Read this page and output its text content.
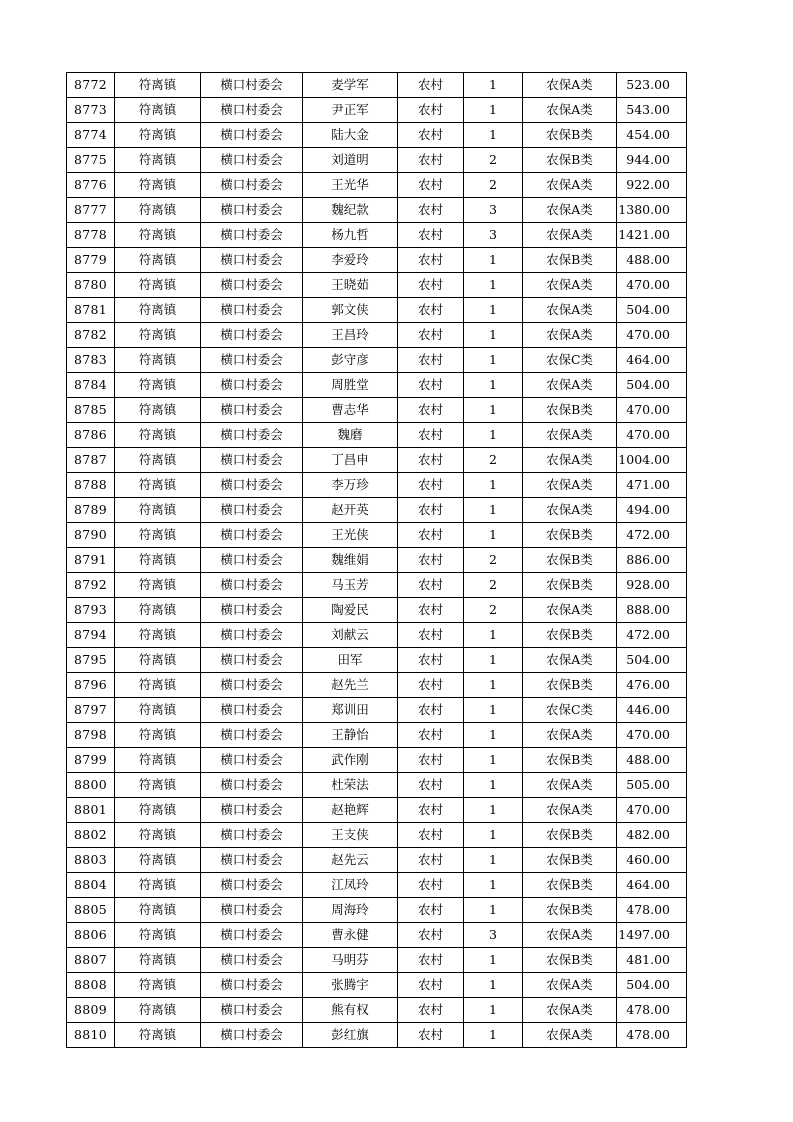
8772	符离镇	横口村委会	麦学军	农村	1	农保A类	523.00
8773	符离镇	横口村委会	尹正军	农村	1	农保A类	543.00
8774	符离镇	横口村委会	陆大金	农村	1	农保B类	454.00
8775	符离镇	横口村委会	刘道明	农村	2	农保B类	944.00
8776	符离镇	横口村委会	王光华	农村	2	农保A类	922.00
8777	符离镇	横口村委会	魏纪款	农村	3	农保A类	1380.00
8778	符离镇	横口村委会	杨九哲	农村	3	农保A类	1421.00
8779	符离镇	横口村委会	李爱玲	农村	1	农保B类	488.00
8780	符离镇	横口村委会	王晓茹	农村	1	农保A类	470.00
8781	符离镇	横口村委会	郭文侠	农村	1	农保A类	504.00
8782	符离镇	横口村委会	王昌玲	农村	1	农保A类	470.00
8783	符离镇	横口村委会	彭守彦	农村	1	农保C类	464.00
8784	符离镇	横口村委会	周胜堂	农村	1	农保A类	504.00
8785	符离镇	横口村委会	曹志华	农村	1	农保B类	470.00
8786	符离镇	横口村委会	魏磨	农村	1	农保A类	470.00
8787	符离镇	横口村委会	丁昌申	农村	2	农保A类	1004.00
8788	符离镇	横口村委会	李万珍	农村	1	农保A类	471.00
8789	符离镇	横口村委会	赵开英	农村	1	农保A类	494.00
8790	符离镇	横口村委会	王光侠	农村	1	农保B类	472.00
8791	符离镇	横口村委会	魏维娟	农村	2	农保B类	886.00
8792	符离镇	横口村委会	马玉芳	农村	2	农保B类	928.00
8793	符离镇	横口村委会	陶爱民	农村	2	农保A类	888.00
8794	符离镇	横口村委会	刘献云	农村	1	农保B类	472.00
8795	符离镇	横口村委会	田军	农村	1	农保A类	504.00
8796	符离镇	横口村委会	赵先兰	农村	1	农保B类	476.00
8797	符离镇	横口村委会	郑训田	农村	1	农保C类	446.00
8798	符离镇	横口村委会	王静怡	农村	1	农保A类	470.00
8799	符离镇	横口村委会	武作刚	农村	1	农保B类	488.00
8800	符离镇	横口村委会	杜荣法	农村	1	农保A类	505.00
8801	符离镇	横口村委会	赵艳辉	农村	1	农保A类	470.00
8802	符离镇	横口村委会	王支侠	农村	1	农保B类	482.00
8803	符离镇	横口村委会	赵先云	农村	1	农保B类	460.00
8804	符离镇	横口村委会	江凤玲	农村	1	农保B类	464.00
8805	符离镇	横口村委会	周海玲	农村	1	农保B类	478.00
8806	符离镇	横口村委会	曹永健	农村	3	农保A类	1497.00
8807	符离镇	横口村委会	马明芬	农村	1	农保B类	481.00
8808	符离镇	横口村委会	张腾宇	农村	1	农保A类	504.00
8809	符离镇	横口村委会	熊有权	农村	1	农保A类	478.00
8810	符离镇	横口村委会	彭红旗	农村	1	农保A类	478.00
